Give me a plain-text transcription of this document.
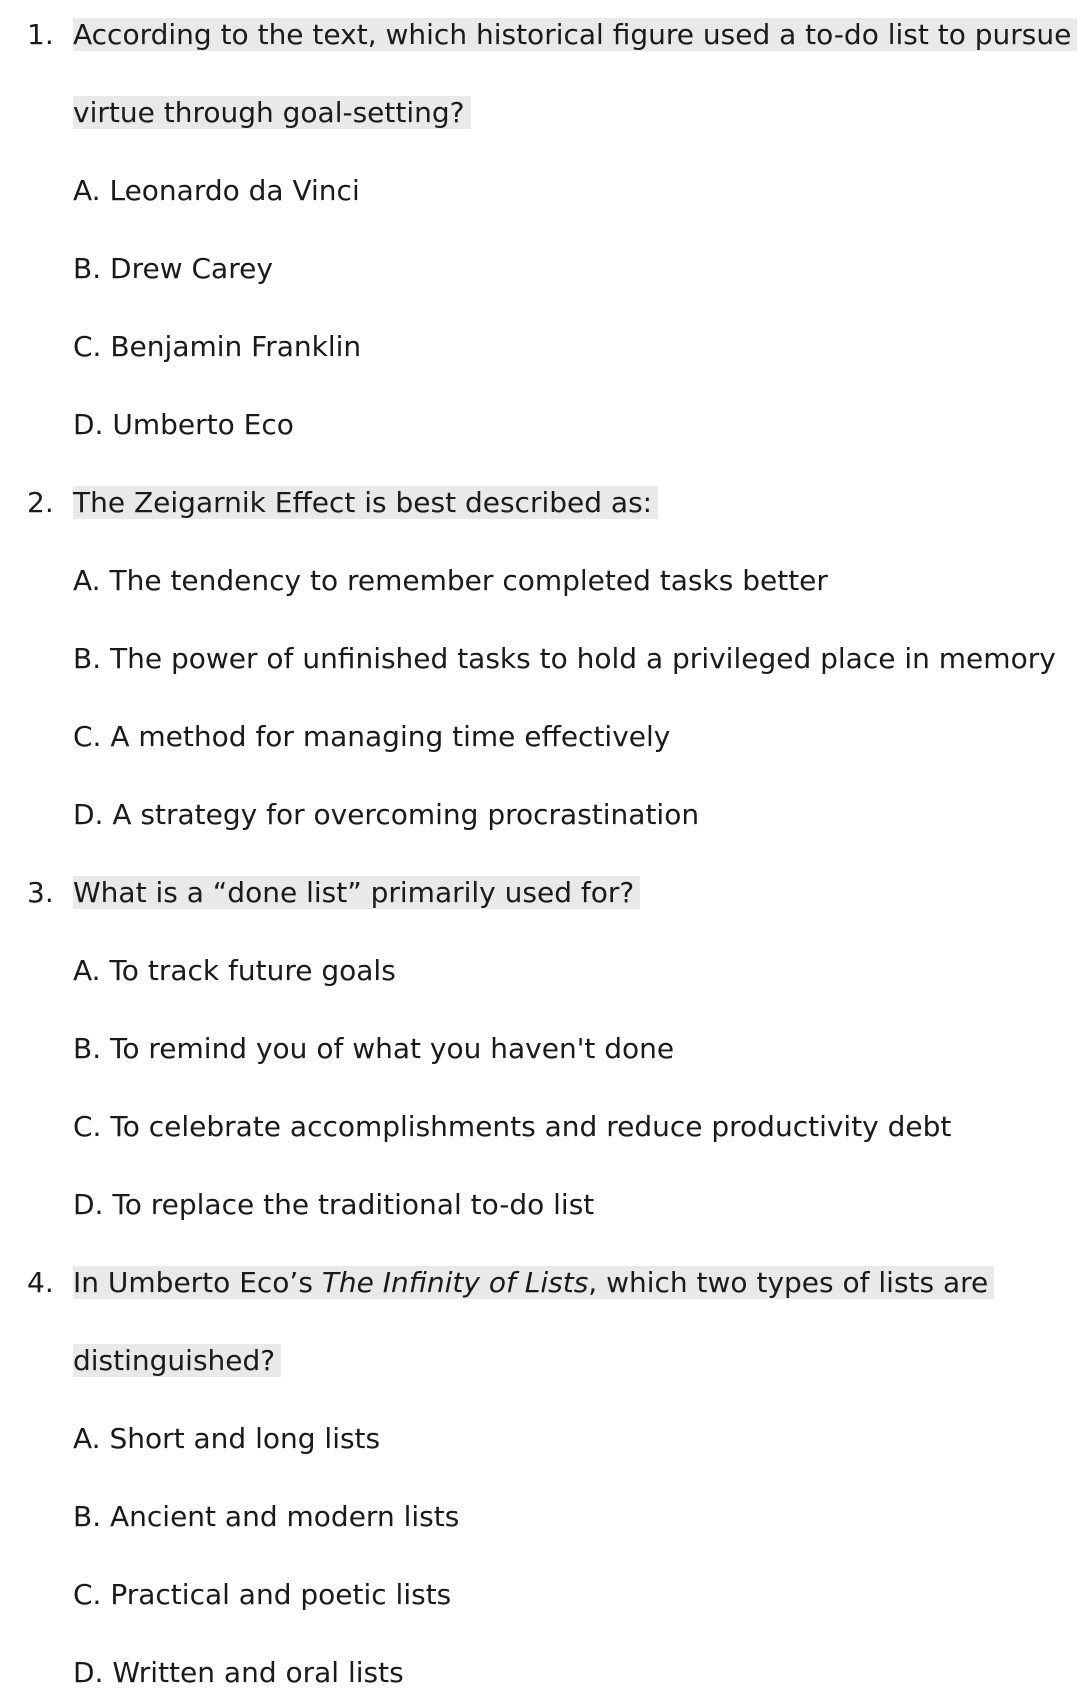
1. According to the text, which historical figure used a to-do list to pursue
virtue through goal-setting?
A. Leonardo da Vinci
B. Drew Carey
C. Benjamin Franklin
D. Umberto Eco
2. The Zeigarnik Effect is best described as:
A. The tendency to remember completed tasks better
B. The power of unfinished tasks to hold a privileged place in memory
C. A method for managing time effectively
D. A strategy for overcoming procrastination
3. What is a “done list” primarily used for?
A. To track future goals
B. To remind you of what you haven't done
C. To celebrate accomplishments and reduce productivity debt
D. To replace the traditional to-do list
4. In Umberto Eco’s The Infinity of Lists, which two types of lists are
distinguished?
A. Short and long lists
B. Ancient and modern lists
C. Practical and poetic lists
D. Written and oral lists
